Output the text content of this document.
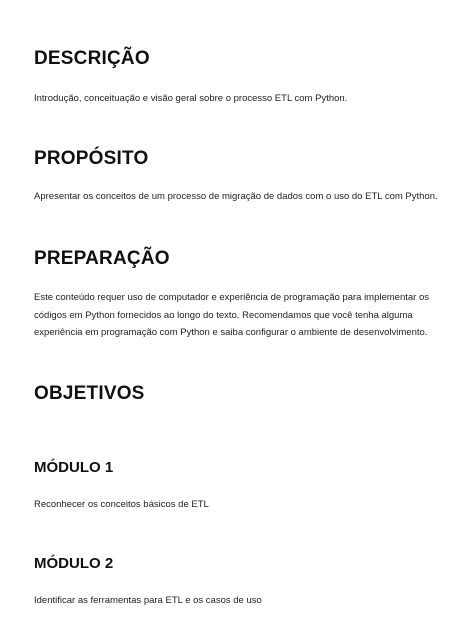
DESCRIÇÃO

Introdução, conceituação e visão geral sobre o processo ETL com Python.

PROPÓSITO

Apresentar os conceitos de um processo de migração de dados com o uso do ETL com Python.

PREPARAÇÃO

Este conteúdo requer uso de computador e experiência de programação para implementar os códigos em Python fornecidos ao longo do texto. Recomendamos que você tenha alguma experiência em programação com Python e saiba configurar o ambiente de desenvolvimento.

OBJETIVOS
MÓDULO 1

Reconhecer os conceitos básicos de ETL

MÓDULO 2

Identificar as ferramentas para ETL e os casos de uso
